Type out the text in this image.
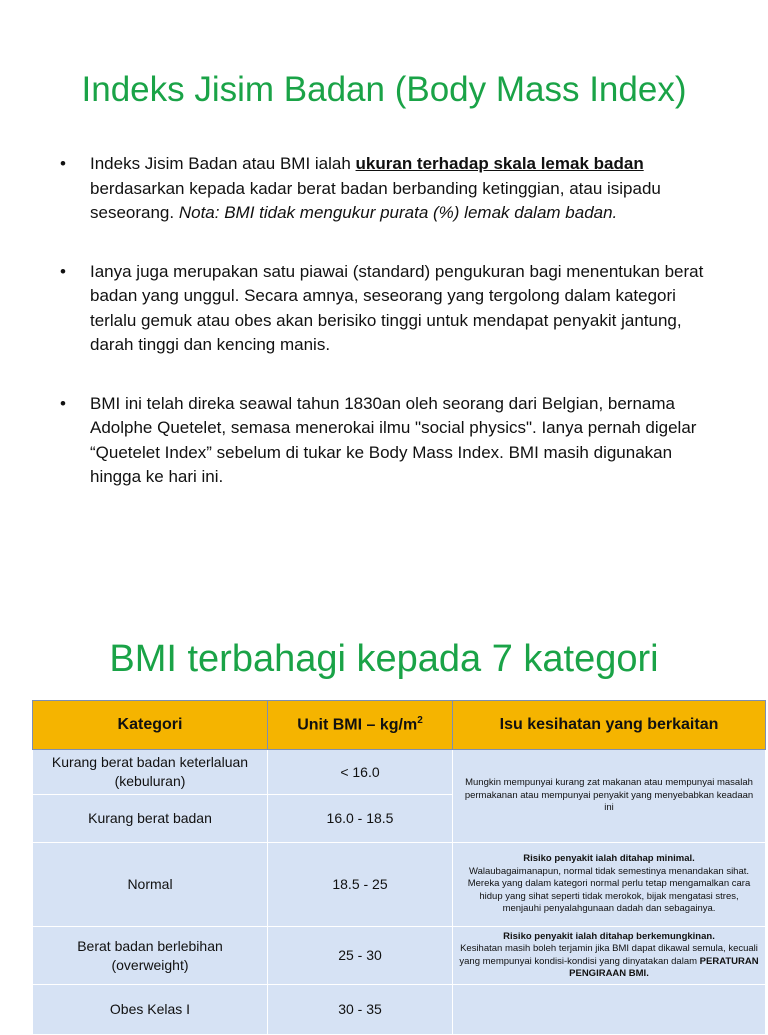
Indeks Jisim Badan (Body Mass Index)
• Indeks Jisim Badan atau BMI ialah ukuran terhadap skala lemak badan berdasarkan kepada kadar berat badan berbanding ketinggian, atau isipadu seseorang. Nota: BMI tidak mengukur purata (%) lemak dalam badan.
• Ianya juga merupakan satu piawai (standard) pengukuran bagi menentukan berat badan yang unggul. Secara amnya, seseorang yang tergolong dalam kategori terlalu gemuk atau obes akan berisiko tinggi untuk mendapat penyakit jantung, darah tinggi dan kencing manis.
• BMI ini telah direka seawal tahun 1830an oleh seorang dari Belgian, bernama Adolphe Quetelet, semasa menerokai ilmu "social physics". Ianya pernah digelar “Quetelet Index” sebelum di tukar ke Body Mass Index. BMI masih digunakan hingga ke hari ini.
BMI terbahagi kepada 7 kategori
Kategori	Unit BMI – $kg/m^2$	Isu kesihatan yang berkaitan
Kurang berat badan keterlaluan (kebuluran)	< 16.0	Mungkin mempunyai kurang zat makanan atau mempunyai masalah permakanan atau mempunyai penyakit yang menyebabkan keadaan ini
Kurang berat badan	16.0 - 18.5	
Normal	18.5 - 25	Risiko penyakit ialah ditahap minimal.
Walaubagaimanapun, normal tidak semestinya menandakan sihat. Mereka yang dalam kategori normal perlu tetap mengamalkan cara hidup yang sihat seperti tidak merokok, bijak mengatasi stres, menjauhi penyalahgunaan dadah dan sebagainya.
Berat badan berlebihan (overweight)	25 - 30	Risiko penyakit ialah ditahap berkemungkinan.
Kesihatan masih boleh terjamin jika BMI dapat dikawal semula, kecuali yang mempunyai kondisi-kondisi yang dinyatakan dalam PERATURAN PENGIRAAN BMI.
Obes Kelas I	30 - 35	
